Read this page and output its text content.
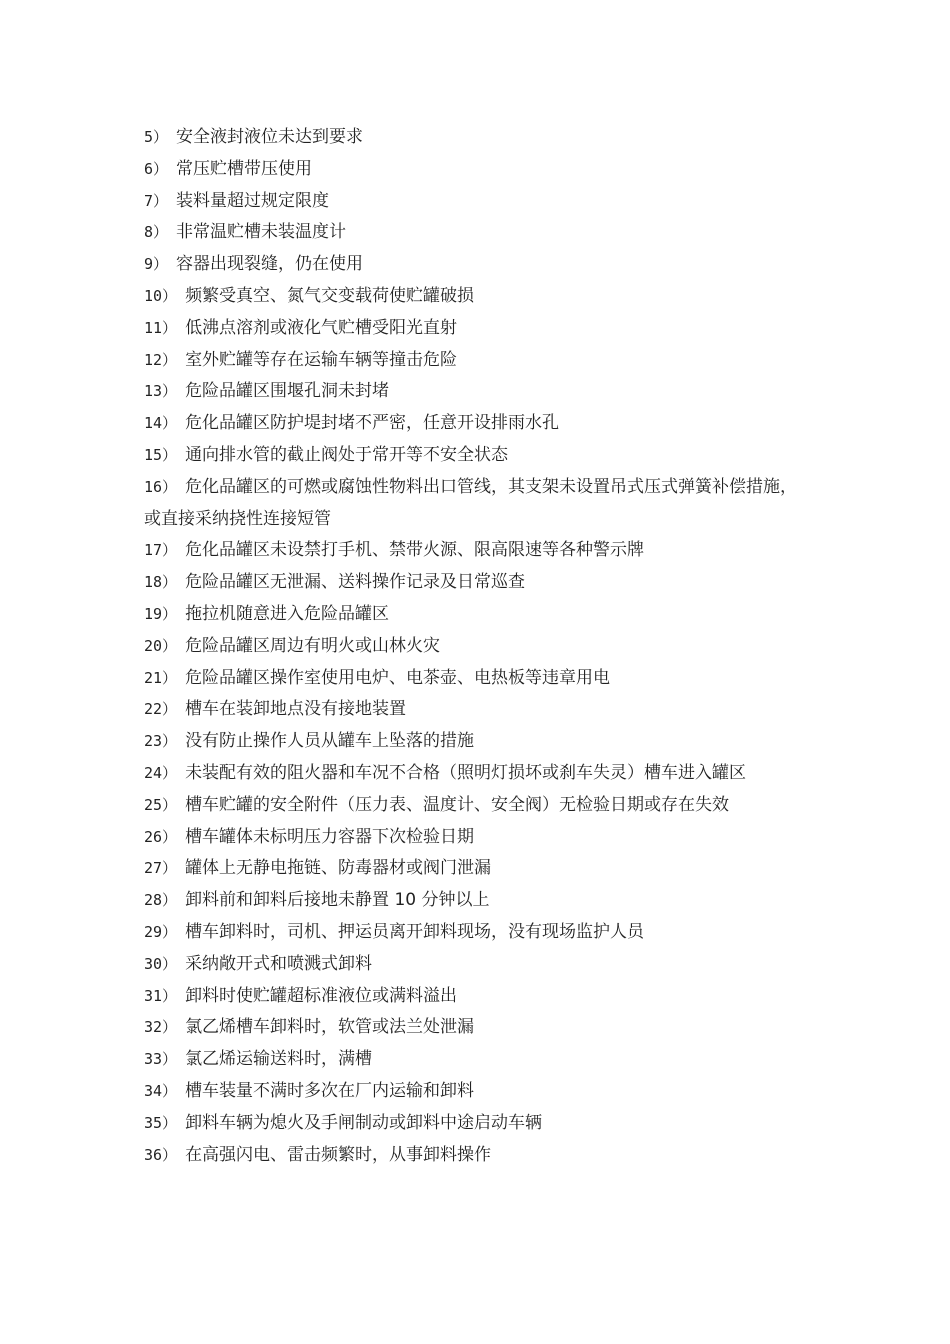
5） 安全液封液位未达到要求
6） 常压贮槽带压使用
7） 装料量超过规定限度
8） 非常温贮槽未装温度计
9） 容器出现裂缝，仍在使用
10） 频繁受真空、氮气交变载荷使贮罐破损
11） 低沸点溶剂或液化气贮槽受阳光直射
12） 室外贮罐等存在运输车辆等撞击危险
13） 危险品罐区围堰孔洞未封堵
14） 危化品罐区防护堤封堵不严密，任意开设排雨水孔
15） 通向排水管的截止阀处于常开等不安全状态
16） 危化品罐区的可燃或腐蚀性物料出口管线，其支架未设置吊式压式弹簧补偿措施，或直接采纳挠性连接短管
17） 危化品罐区未设禁打手机、禁带火源、限高限速等各种警示牌
18） 危险品罐区无泄漏、送料操作记录及日常巡查
19） 拖拉机随意进入危险品罐区
20） 危险品罐区周边有明火或山林火灾
21） 危险品罐区操作室使用电炉、电茶壶、电热板等违章用电
22） 槽车在装卸地点没有接地装置
23） 没有防止操作人员从罐车上坠落的措施
24） 未装配有效的阻火器和车况不合格（照明灯损坏或刹车失灵）槽车进入罐区
25） 槽车贮罐的安全附件（压力表、温度计、安全阀）无检验日期或存在失效
26） 槽车罐体未标明压力容器下次检验日期
27） 罐体上无静电拖链、防毒器材或阀门泄漏
28） 卸料前和卸料后接地未静置 10 分钟以上
29） 槽车卸料时，司机、押运员离开卸料现场，没有现场监护人员
30） 采纳敞开式和喷溅式卸料
31） 卸料时使贮罐超标准液位或满料溢出
32） 氯乙烯槽车卸料时，软管或法兰处泄漏
33） 氯乙烯运输送料时，满槽
34） 槽车装量不满时多次在厂内运输和卸料
35） 卸料车辆为熄火及手闸制动或卸料中途启动车辆
36） 在高强闪电、雷击频繁时，从事卸料操作
